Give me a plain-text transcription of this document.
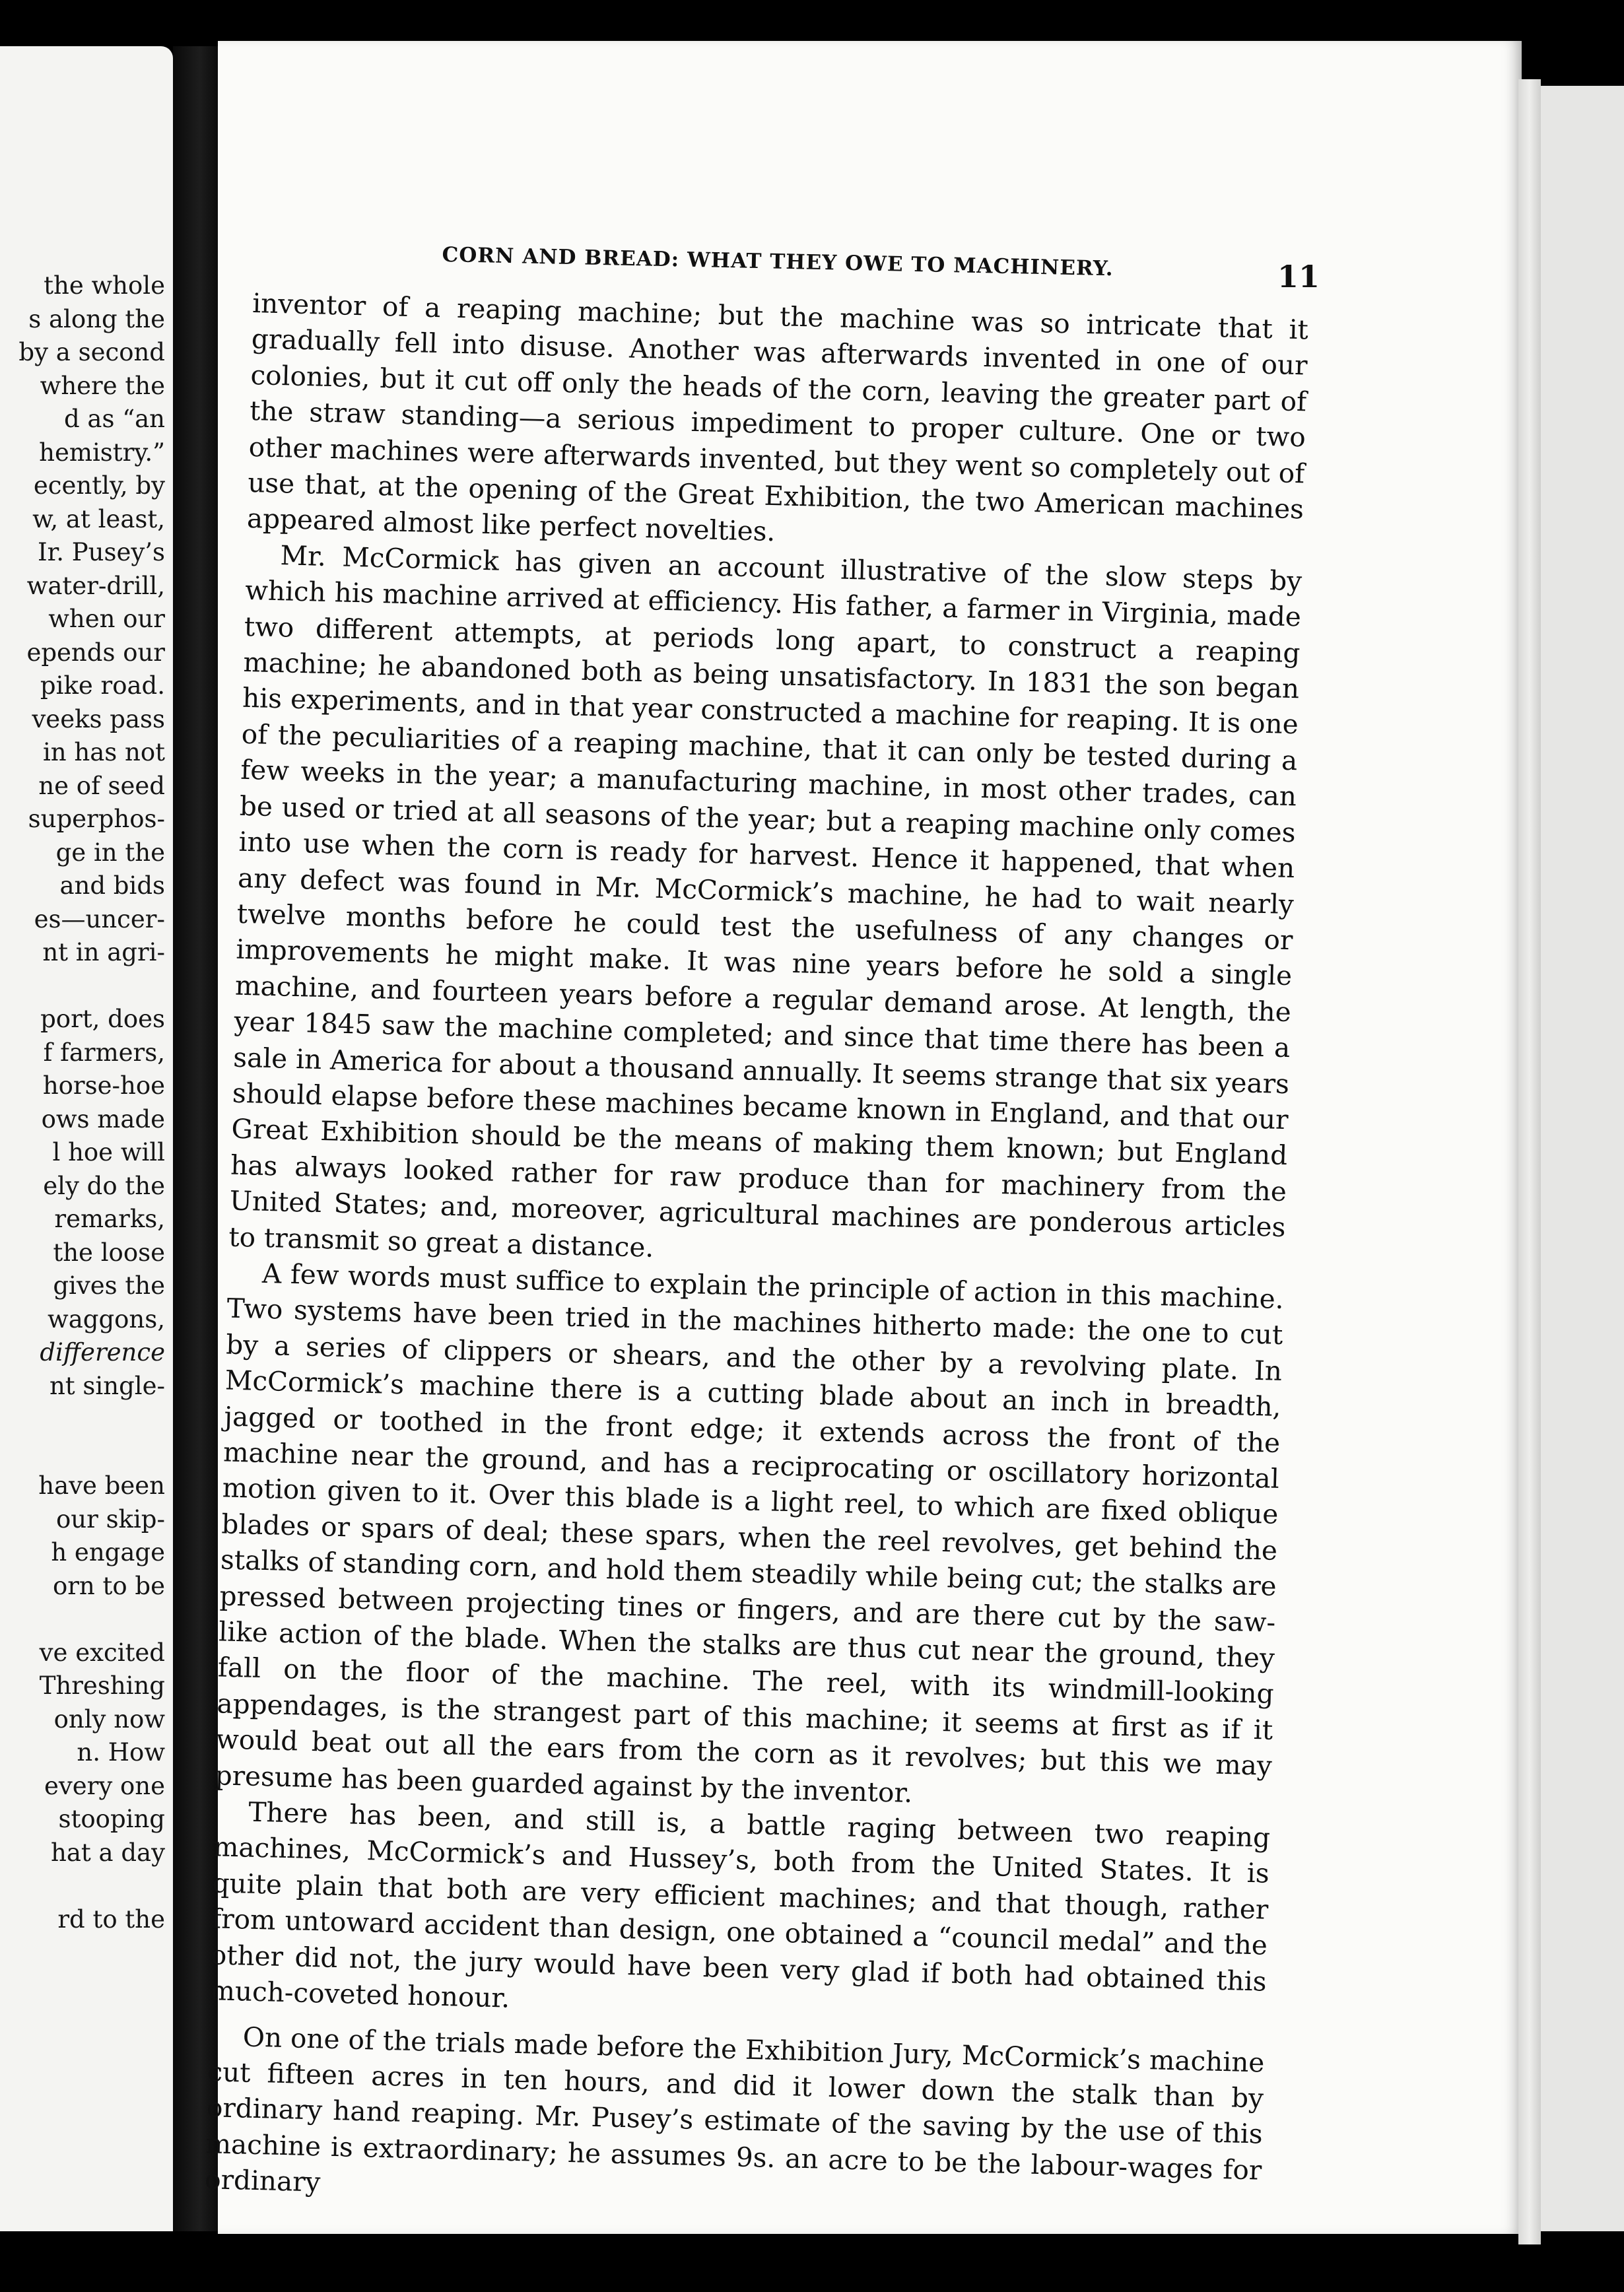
the whole
s along the
by a second
where the
d as “an
hemistry.”
ecently, by
w, at least,
Ir. Pusey’s
water-drill,
when our
epends our
pike road.
veeks pass
in has not
ne of seed
superphos-
ge in the
and bids
es—uncer-
nt in agri-
port, does
f farmers,
horse-hoe
ows made
l hoe will
ely do the
remarks,
the loose
gives the
waggons,
difference
nt single-
have been
our skip-
h engage
orn to be
ve excited
Threshing
only now
n. How
every one
stooping
hat a day
rd to the
CORN AND BREAD: WHAT THEY OWE TO MACHINERY.	11

inventor of a reaping machine; but the machine was so intricate that it gradually fell into disuse. Another was afterwards invented in one of our colonies, but it cut off only the heads of the corn, leaving the greater part of the straw standing—a serious impediment to proper culture. One or two other machines were afterwards invented, but they went so completely out of use that, at the opening of the Great Exhibition, the two American machines appeared almost like perfect novelties.

Mr. McCormick has given an account illustrative of the slow steps by which his machine arrived at efficiency. His father, a farmer in Virginia, made two different attempts, at periods long apart, to construct a reaping machine; he abandoned both as being unsatisfactory. In 1831 the son began his experiments, and in that year constructed a machine for reaping. It is one of the peculiarities of a reaping machine, that it can only be tested during a few weeks in the year; a manufacturing machine, in most other trades, can be used or tried at all seasons of the year; but a reaping machine only comes into use when the corn is ready for harvest. Hence it happened, that when any defect was found in Mr. McCormick’s machine, he had to wait nearly twelve months before he could test the usefulness of any changes or improvements he might make. It was nine years before he sold a single machine, and fourteen years before a regular demand arose. At length, the year 1845 saw the machine completed; and since that time there has been a sale in America for about a thousand annually. It seems strange that six years should elapse before these machines became known in England, and that our Great Exhibition should be the means of making them known; but England has always looked rather for raw produce than for machinery from the United States; and, moreover, agricultural machines are ponderous articles to transmit so great a distance.

A few words must suffice to explain the principle of action in this machine. Two systems have been tried in the machines hitherto made: the one to cut by a series of clippers or shears, and the other by a revolving plate. In McCormick’s machine there is a cutting blade about an inch in breadth, jagged or toothed in the front edge; it extends across the front of the machine near the ground, and has a reciprocating or oscillatory horizontal motion given to it. Over this blade is a light reel, to which are fixed oblique blades or spars of deal; these spars, when the reel revolves, get behind the stalks of standing corn, and hold them steadily while being cut; the stalks are pressed between projecting tines or fingers, and are there cut by the saw-like action of the blade. When the stalks are thus cut near the ground, they fall on the floor of the machine. The reel, with its windmill-looking appendages, is the strangest part of this machine; it seems at first as if it would beat out all the ears from the corn as it revolves; but this we may presume has been guarded against by the inventor.

There has been, and still is, a battle raging between two reaping machines, McCormick’s and Hussey’s, both from the United States. It is quite plain that both are very efficient machines; and that though, rather from untoward accident than design, one obtained a “council medal” and the other did not, the jury would have been very glad if both had obtained this much-coveted honour.

On one of the trials made before the Exhibition Jury, McCormick’s machine cut fifteen acres in ten hours, and did it lower down the stalk than by ordinary hand reaping. Mr. Pusey’s estimate of the saving by the use of this machine is extraordinary; he assumes 9s. an acre to be the labour-wages for ordinary
